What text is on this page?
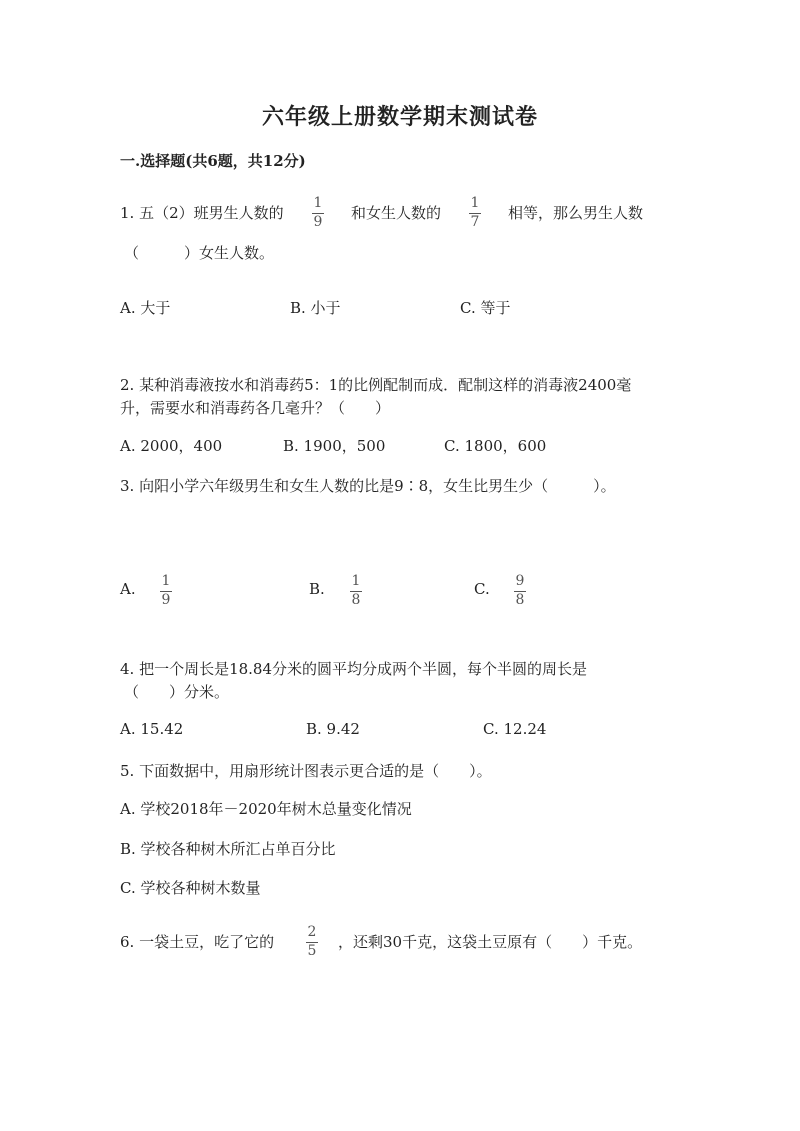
六年级上册数学期末测试卷
一.选择题(共6题，共12分)
1. 五（2）班男生人数的
1
9 和女生人数的
1
7 相等，那么男生人数
（　　　）女生人数。
A. 大于	B. 小于	C. 等于
2. 某种消毒液按水和消毒药5：1的比例配制而成．配制这样的消毒液2400毫
升，需要水和消毒药各几毫升？（　　）
A. 2000，400	B. 1900，500	C. 1800，600
3. 向阳小学六年级男生和女生人数的比是9∶8，女生比男生少（　　　）。
A. 1
9
B. 1
8
C. 9
8
4. 把一个周长是18.84分米的圆平均分成两个半圆，每个半圆的周长是
（　　）分米。
A. 15.42	B. 9.42	C. 12.24
5. 下面数据中，用扇形统计图表示更合适的是（　　）。
A. 学校2018年－2020年树木总量变化情况
B. 学校各种树木所汇占单百分比
C. 学校各种树木数量
6. 一袋土豆，吃了它的
2
5 ，还剩30千克，这袋土豆原有（　　）千克。
